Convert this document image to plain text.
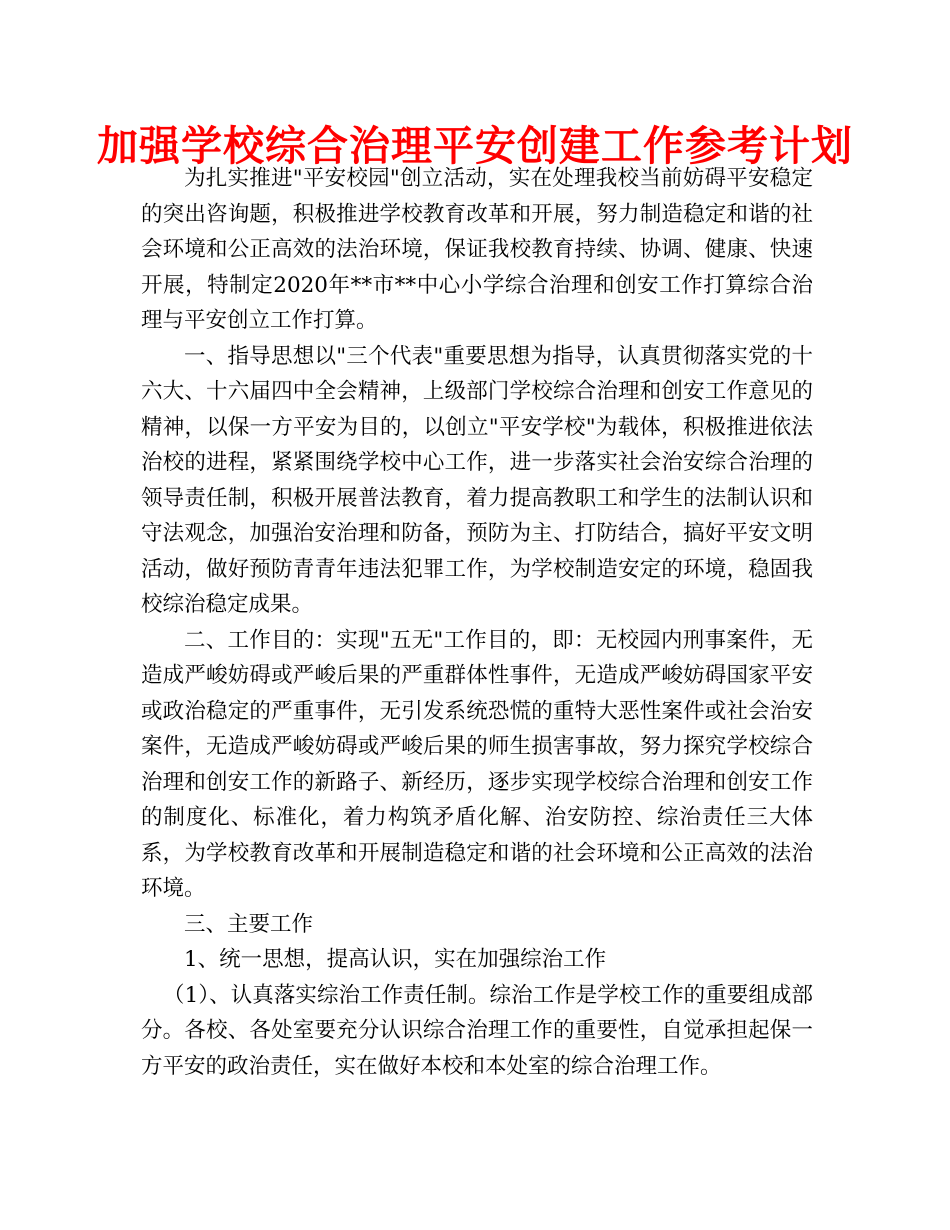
加强学校综合治理平安创建工作参考计划

为扎实推进"平安校园"创立活动，实在处理我校当前妨碍平安稳定的突出咨询题，积极推进学校教育改革和开展，努力制造稳定和谐的社会环境和公正高效的法治环境，保证我校教育持续、协调、健康、快速开展，特制定2020年**市**中心小学综合治理和创安工作打算综合治理与平安创立工作打算。

一、指导思想以"三个代表"重要思想为指导，认真贯彻落实党的十六大、十六届四中全会精神，上级部门学校综合治理和创安工作意见的精神，以保一方平安为目的，以创立"平安学校"为载体，积极推进依法治校的进程，紧紧围绕学校中心工作，进一步落实社会治安综合治理的领导责任制，积极开展普法教育，着力提高教职工和学生的法制认识和守法观念，加强治安治理和防备，预防为主、打防结合，搞好平安文明活动，做好预防青青年违法犯罪工作，为学校制造安定的环境，稳固我校综治稳定成果。

二、工作目的：实现"五无"工作目的，即：无校园内刑事案件，无造成严峻妨碍或严峻后果的严重群体性事件，无造成严峻妨碍国家平安或政治稳定的严重事件，无引发系统恐慌的重特大恶性案件或社会治安案件，无造成严峻妨碍或严峻后果的师生损害事故，努力探究学校综合治理和创安工作的新路子、新经历，逐步实现学校综合治理和创安工作的制度化、标准化，着力构筑矛盾化解、治安防控、综治责任三大体系，为学校教育改革和开展制造稳定和谐的社会环境和公正高效的法治环境。

三、主要工作

1、统一思想，提高认识，实在加强综治工作

（1）、认真落实综治工作责任制。综治工作是学校工作的重要组成部分。各校、各处室要充分认识综合治理工作的重要性，自觉承担起保一方平安的政治责任，实在做好本校和本处室的综合治理工作。
